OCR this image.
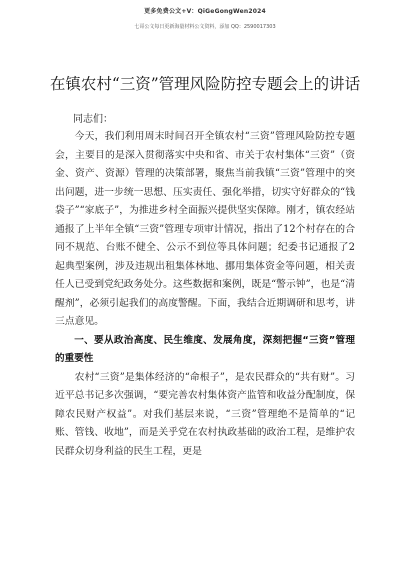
更多免费公文+V：QiGeGongWen2024
七哥公文每日更新海量材料公文资料，添加 QQ：2590017303
在镇农村“三资”管理风险防控专题会上的讲话
同志们：

今天，我们利用周末时间召开全镇农村“三资”管理风险防控专题会，主要目的是深入贯彻落实中央和省、市关于农村集体“三资”（资金、资产、资源）管理的决策部署，聚焦当前我镇“三资”管理中的突出问题，进一步统一思想、压实责任、强化举措，切实守好群众的“钱袋子”“家底子”，为推进乡村全面振兴提供坚实保障。刚才，镇农经站通报了上半年全镇“三资”管理专项审计情况，指出了12个村存在的合同不规范、台账不健全、公示不到位等具体问题；纪委书记通报了2起典型案例，涉及违规出租集体林地、挪用集体资金等问题，相关责任人已受到党纪政务处分。这些数据和案例，既是“警示钟”，也是“清醒剂”，必须引起我们的高度警醒。下面，我结合近期调研和思考，讲三点意见。

一、要从政治高度、民生维度、发展角度，深刻把握“三资”管理的重要性

农村“三资”是集体经济的“命根子”，是农民群众的“共有财”。习近平总书记多次强调，“要完善农村集体资产监管和收益分配制度，保障农民财产权益”。对我们基层来说，“三资”管理绝不是简单的“记账、管钱、收地”，而是关乎党在农村执政基础的政治工程，是维护农民群众切身利益的民生工程，更是
